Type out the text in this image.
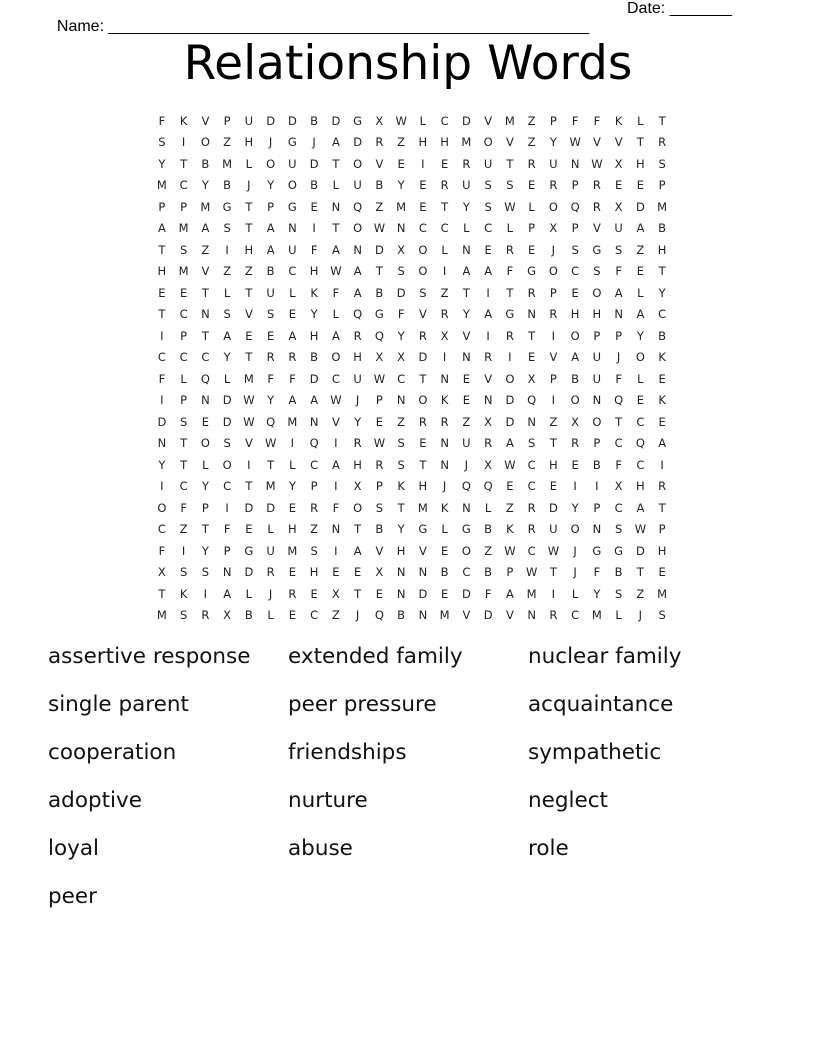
Name: ______________________________________________________

Date: _______

Relationship Words
F	K	V	P	U	D	D	B	D	G	X	W	L	C	D	V	M	Z	P	F	F	K	L	T
S	I	O	Z	H	J	G	J	A	D	R	Z	H	H	M	O	V	Z	Y	W	V	V	T	R
Y	T	B	M	L	O	U	D	T	O	V	E	I	E	R	U	T	R	U	N	W	X	H	S
M	C	Y	B	J	Y	O	B	L	U	B	Y	E	R	U	S	S	E	R	P	R	E	E	P
P	P	M	G	T	P	G	E	N	Q	Z	M	E	T	Y	S	W	L	O	Q	R	X	D	M
A	M	A	S	T	A	N	I	T	O	W	N	C	C	L	C	L	P	X	P	V	U	A	B
T	S	Z	I	H	A	U	F	A	N	D	X	O	L	N	E	R	E	J	S	G	S	Z	H
H	M	V	Z	Z	B	C	H	W	A	T	S	O	I	A	A	F	G	O	C	S	F	E	T
E	E	T	L	T	U	L	K	F	A	B	D	S	Z	T	I	T	R	P	E	O	A	L	Y
T	C	N	S	V	S	E	Y	L	Q	G	F	V	R	Y	A	G	N	R	H	H	N	A	C
I	P	T	A	E	E	A	H	A	R	Q	Y	R	X	V	I	R	T	I	O	P	P	Y	B
C	C	C	Y	T	R	R	B	O	H	X	X	D	I	N	R	I	E	V	A	U	J	O	K
F	L	Q	L	M	F	F	D	C	U	W	C	T	N	E	V	O	X	P	B	U	F	L	E
I	P	N	D	W	Y	A	A	W	J	P	N	O	K	E	N	D	Q	I	O	N	Q	E	K
D	S	E	D	W	Q	M	N	V	Y	E	Z	R	R	Z	X	D	N	Z	X	O	T	C	E
N	T	O	S	V	W	I	Q	I	R	W	S	E	N	U	R	A	S	T	R	P	C	Q	A
Y	T	L	O	I	T	L	C	A	H	R	S	T	N	J	X	W	C	H	E	B	F	C	I
I	C	Y	C	T	M	Y	P	I	X	P	K	H	J	Q	Q	E	C	E	I	I	X	H	R
O	F	P	I	D	D	E	R	F	O	S	T	M	K	N	L	Z	R	D	Y	P	C	A	T
C	Z	T	F	E	L	H	Z	N	T	B	Y	G	L	G	B	K	R	U	O	N	S	W	P
F	I	Y	P	G	U	M	S	I	A	V	H	V	E	O	Z	W	C	W	J	G	G	D	H
X	S	S	N	D	R	E	H	E	E	X	N	N	B	C	B	P	W	T	J	F	B	T	E
T	K	I	A	L	J	R	E	X	T	E	N	D	E	D	F	A	M	I	L	Y	S	Z	M
M	S	R	X	B	L	E	C	Z	J	Q	B	N	M	V	D	V	N	R	C	M	L	J	S
assertive response	extended family	nuclear family
single parent	peer pressure	acquaintance
cooperation	friendships	sympathetic
adoptive	nurture	neglect
loyal	abuse	role
peer
